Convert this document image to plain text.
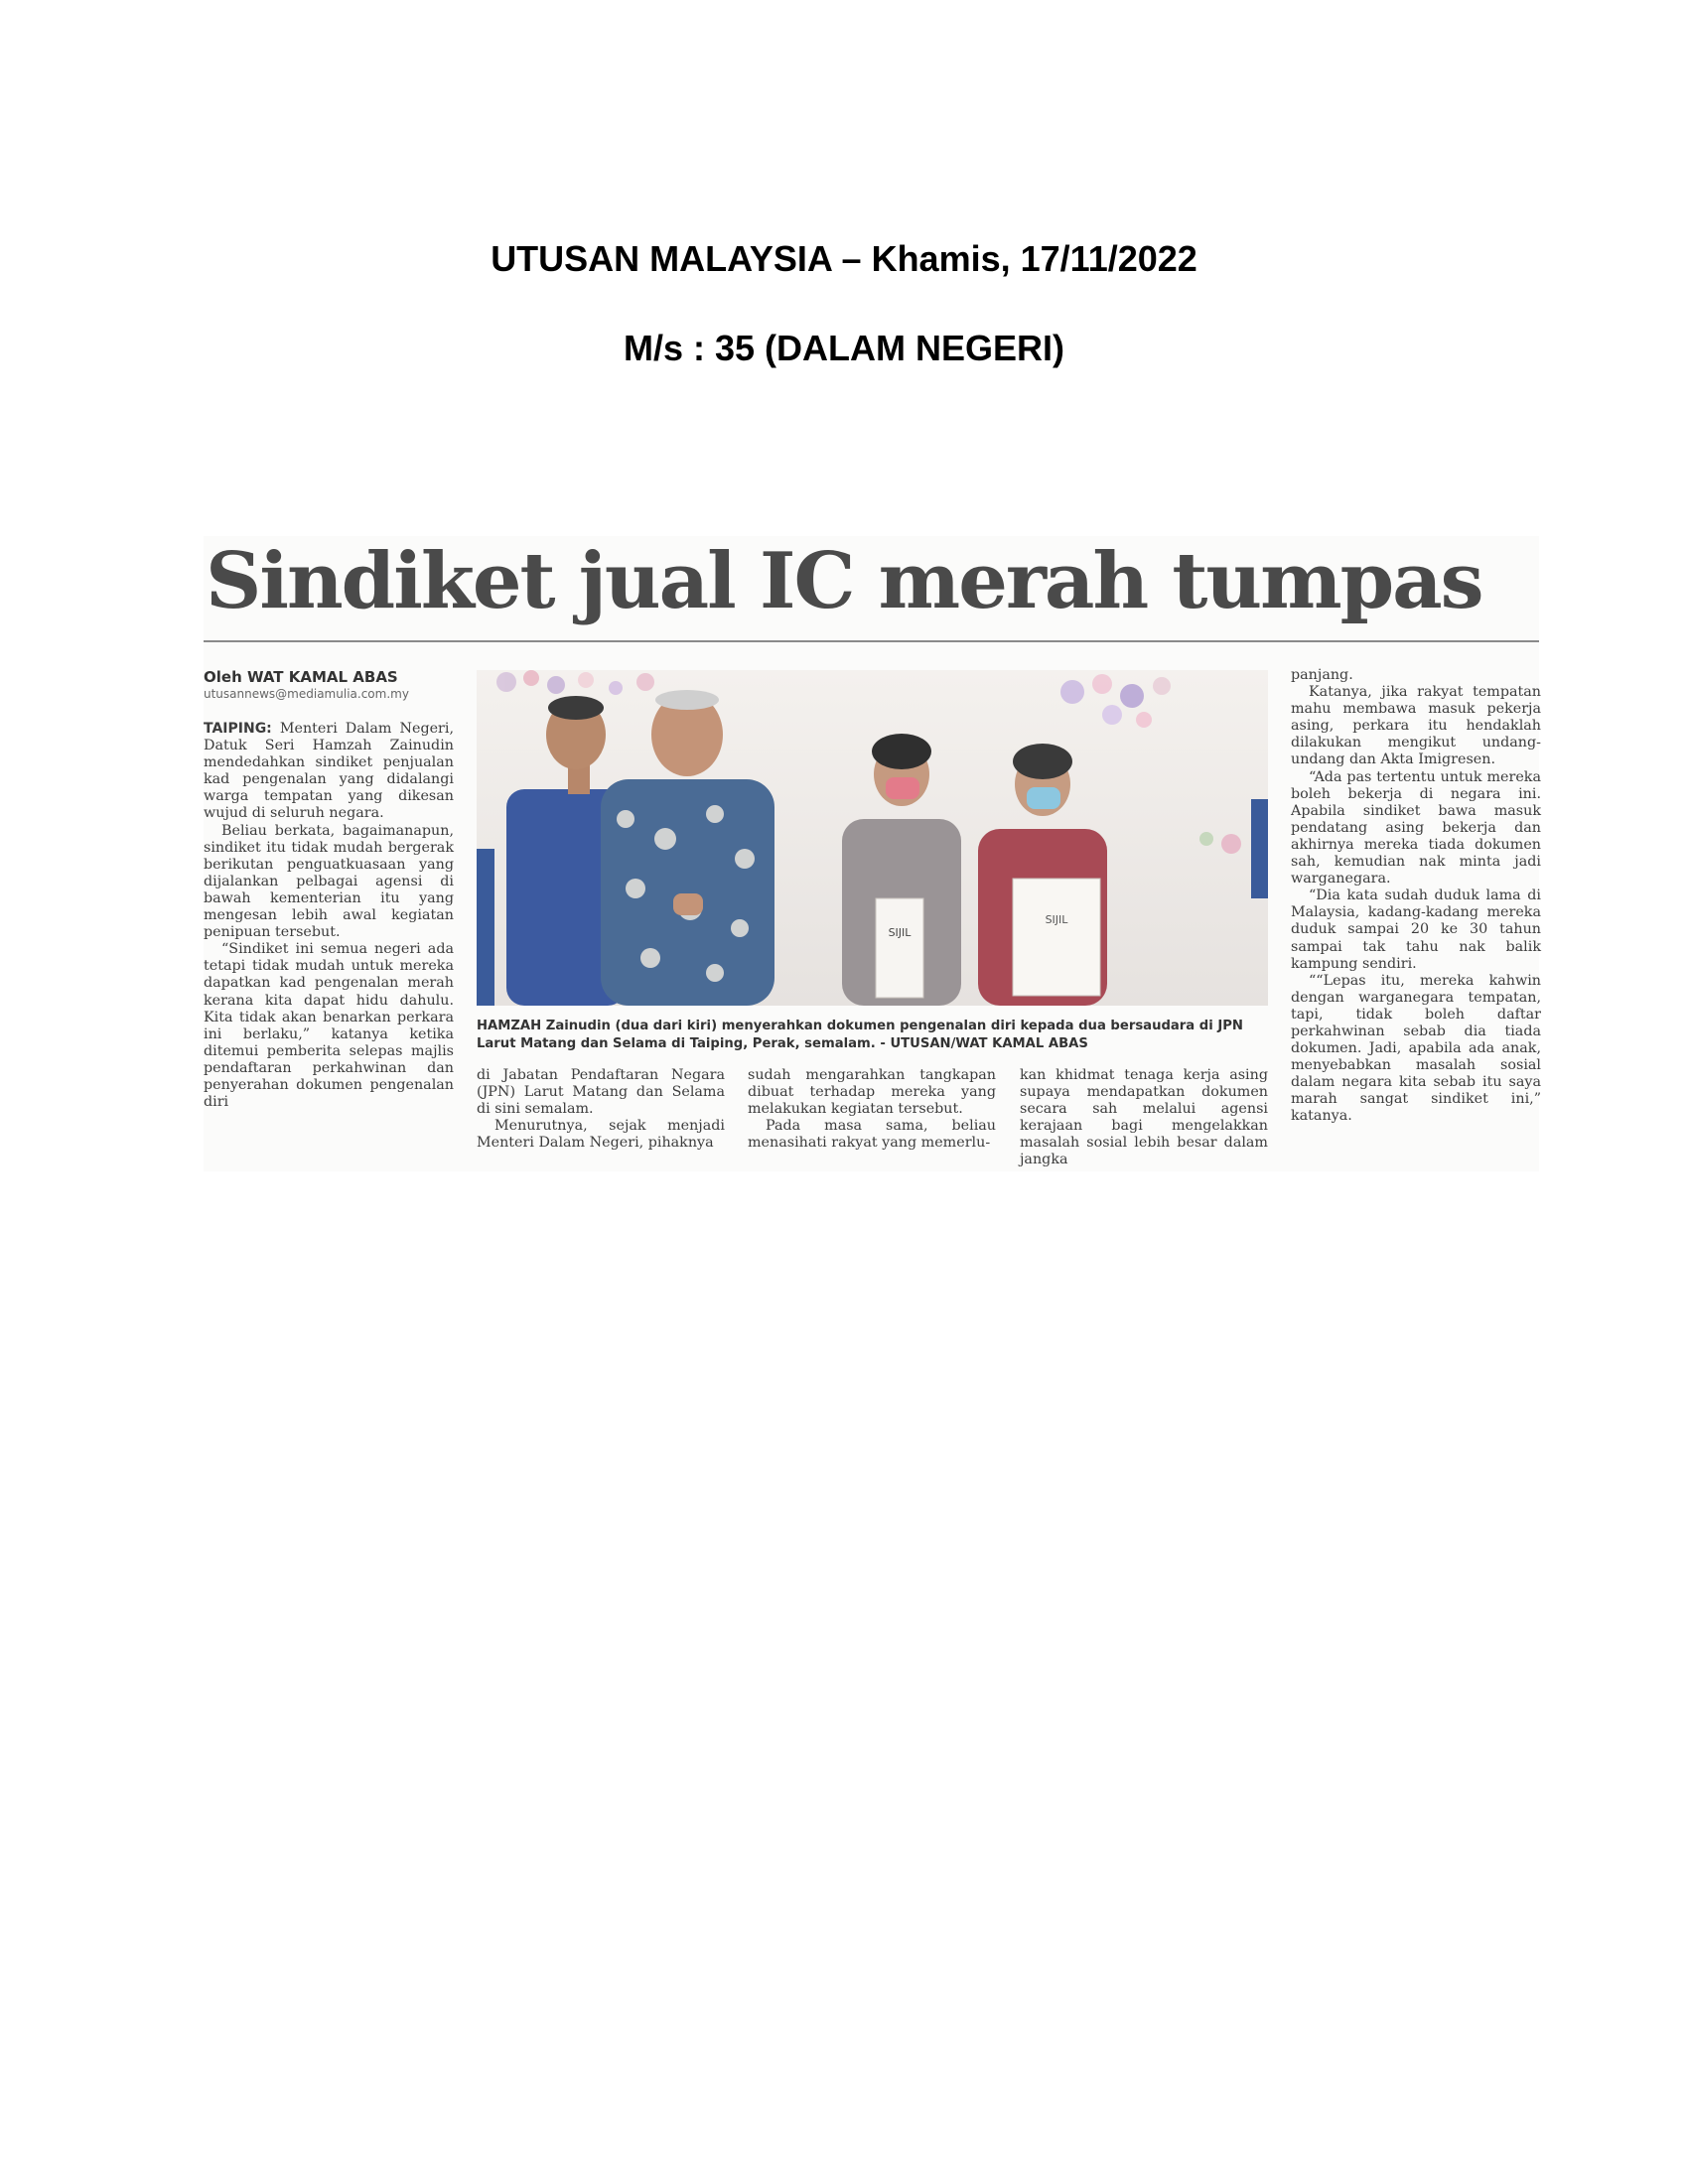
UTUSAN MALAYSIA – Khamis, 17/11/2022
M/s : 35 (DALAM NEGERI)
Sindiket jual IC merah tumpas
Oleh WAT KAMAL ABAS
utusannews@mediamulia.com.my

TAIPING: Menteri Dalam Negeri, Datuk Seri Hamzah Zainudin mendedahkan sindiket penjualan kad pengenalan yang didalangi warga tempatan yang dikesan wujud di seluruh negara.

Beliau berkata, bagaimanapun, sindiket itu tidak mudah bergerak berikutan penguatkuasaan yang dijalankan pelbagai agensi di bawah kementerian itu yang mengesan lebih awal kegiatan penipuan tersebut.

“Sindiket ini semua negeri ada tetapi tidak mudah untuk mereka dapatkan kad pengenalan merah kerana kita dapat hidu dahulu. Kita tidak akan benarkan perkara ini berlaku,” katanya ketika ditemui pemberita selepas majlis pendaftaran perkahwinan dan penyerahan dokumen pengenalan diri

SIJIL
SIJIL
HAMZAH Zainudin (dua dari kiri) menyerahkan dokumen pengenalan diri kepada dua bersaudara di JPN Larut Matang dan Selama di Taiping, Perak, semalam. - UTUSAN/WAT KAMAL ABAS

di Jabatan Pendaftaran Negara (JPN) Larut Matang dan Selama di sini semalam.

Menurutnya, sejak menjadi Menteri Dalam Negeri, pihaknya

sudah mengarahkan tangkapan dibuat terhadap mereka yang melakukan kegiatan tersebut.

Pada masa sama, beliau menasihati rakyat yang memerlu-

kan khidmat tenaga kerja asing supaya mendapatkan dokumen secara sah melalui agensi kerajaan bagi mengelakkan masalah sosial lebih besar dalam jangka

panjang.

Katanya, jika rakyat tempatan mahu membawa masuk pekerja asing, perkara itu hendaklah dilakukan mengikut undang-undang dan Akta Imigresen.

“Ada pas tertentu untuk mereka boleh bekerja di negara ini. Apabila sindiket bawa masuk pendatang asing bekerja dan akhirnya mereka tiada dokumen sah, kemudian nak minta jadi warganegara.

“Dia kata sudah duduk lama di Malaysia, kadang-kadang mereka duduk sampai 20 ke 30 tahun sampai tak tahu nak balik kampung sendiri.

““Lepas itu, mereka kahwin dengan warganegara tempatan, tapi, tidak boleh daftar perkahwinan sebab dia tiada dokumen. Jadi, apabila ada anak, menyebabkan masalah sosial dalam negara kita sebab itu saya marah sangat sindiket ini,” katanya.
